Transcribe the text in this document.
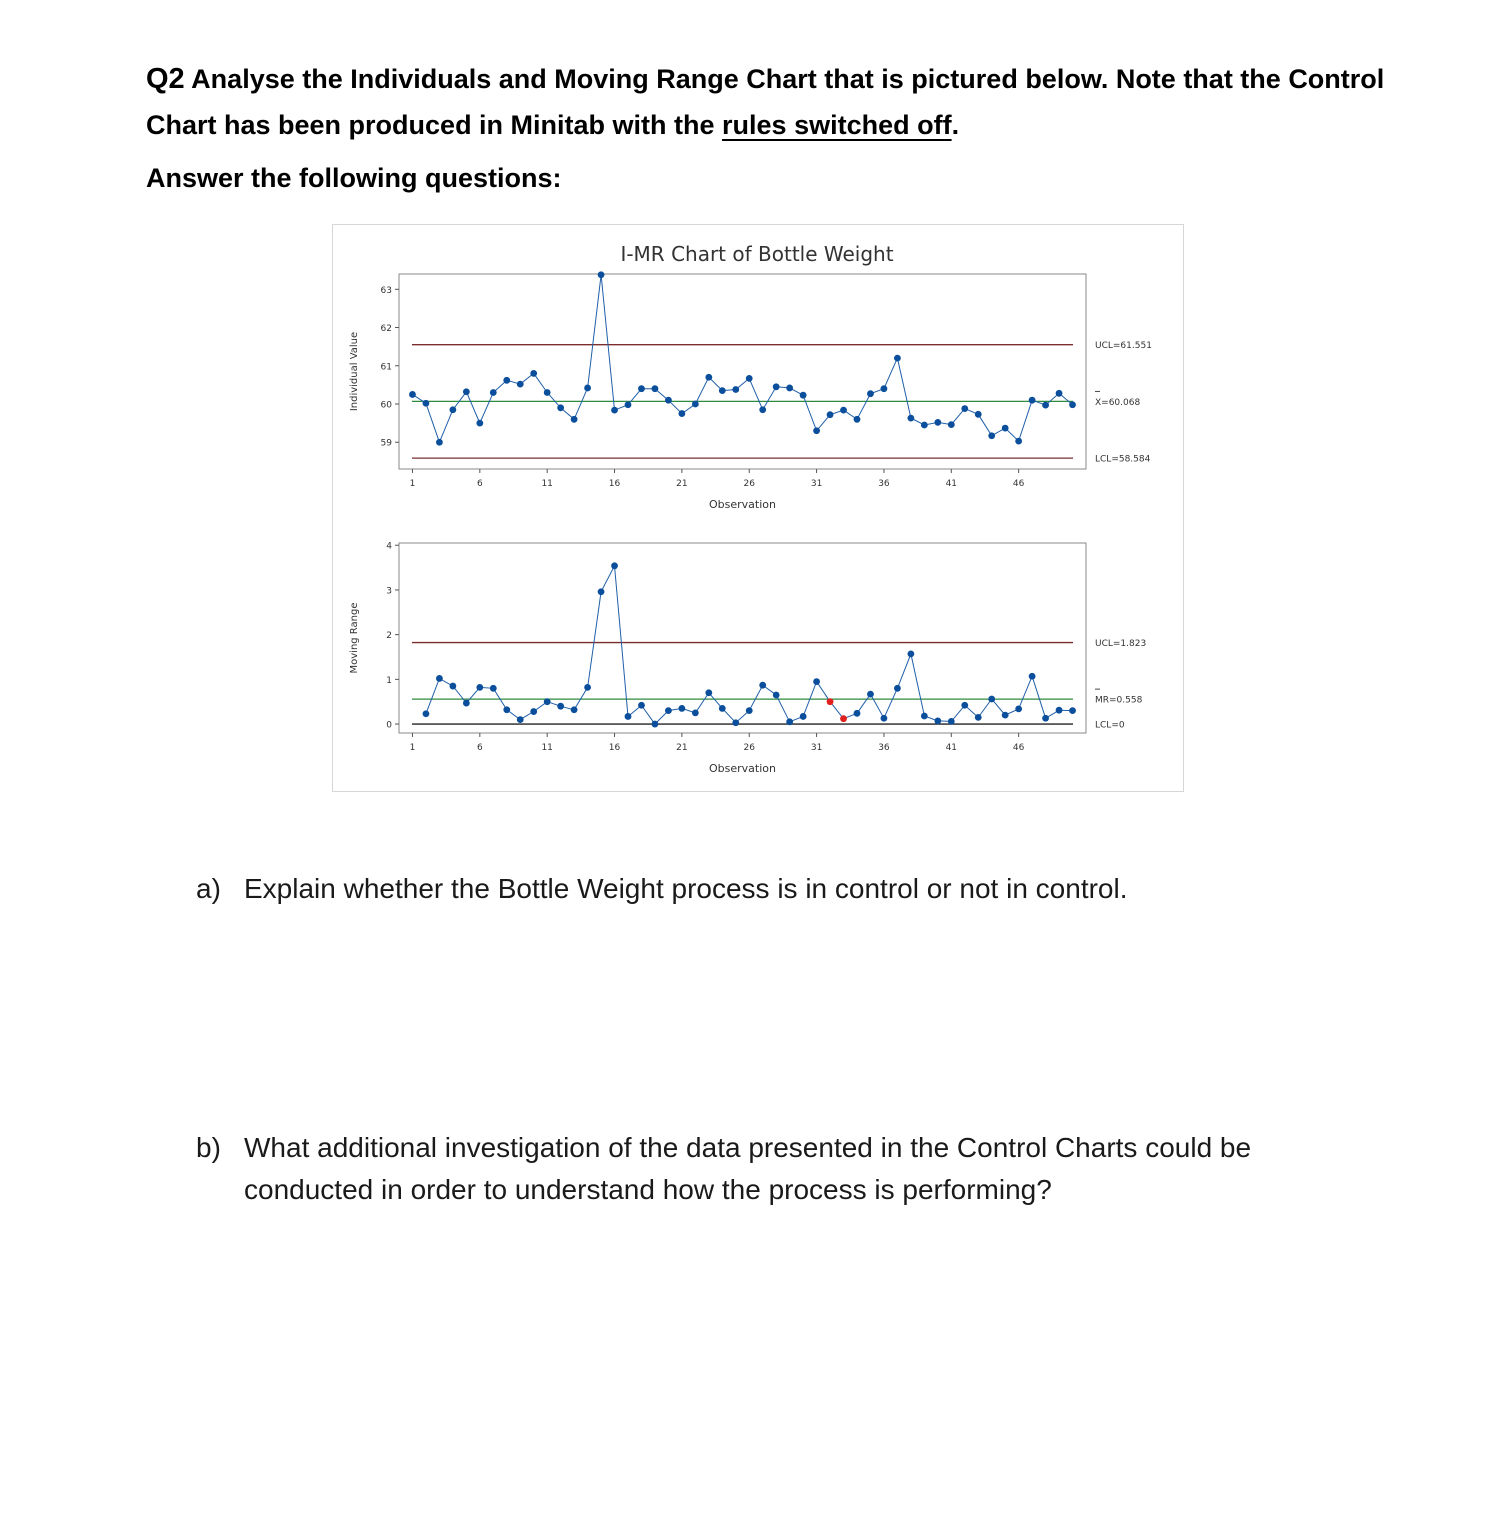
Q2 Analyse the Individuals and Moving Range Chart that is pictured below. Note that the Control Chart has been produced in Minitab with the rules switched off.
Answer the following questions:
I-MR Chart of Bottle Weight
59
60
61
62
63
1	6	11	16	21	26	31	36	41	46
Observation
Individual Value	UCL=61.551
X=60.068
LCL=58.584
0
1
2
3
4
1	6	11	16	21	26	31	36	41	46
Observation
Moving Range	UCL=1.823
MR=0.558
LCL=0
a) Explain whether the Bottle Weight process is in control or not in control.
b) What additional investigation of the data presented in the Control Charts could be
conducted in order to understand how the process is performing?
